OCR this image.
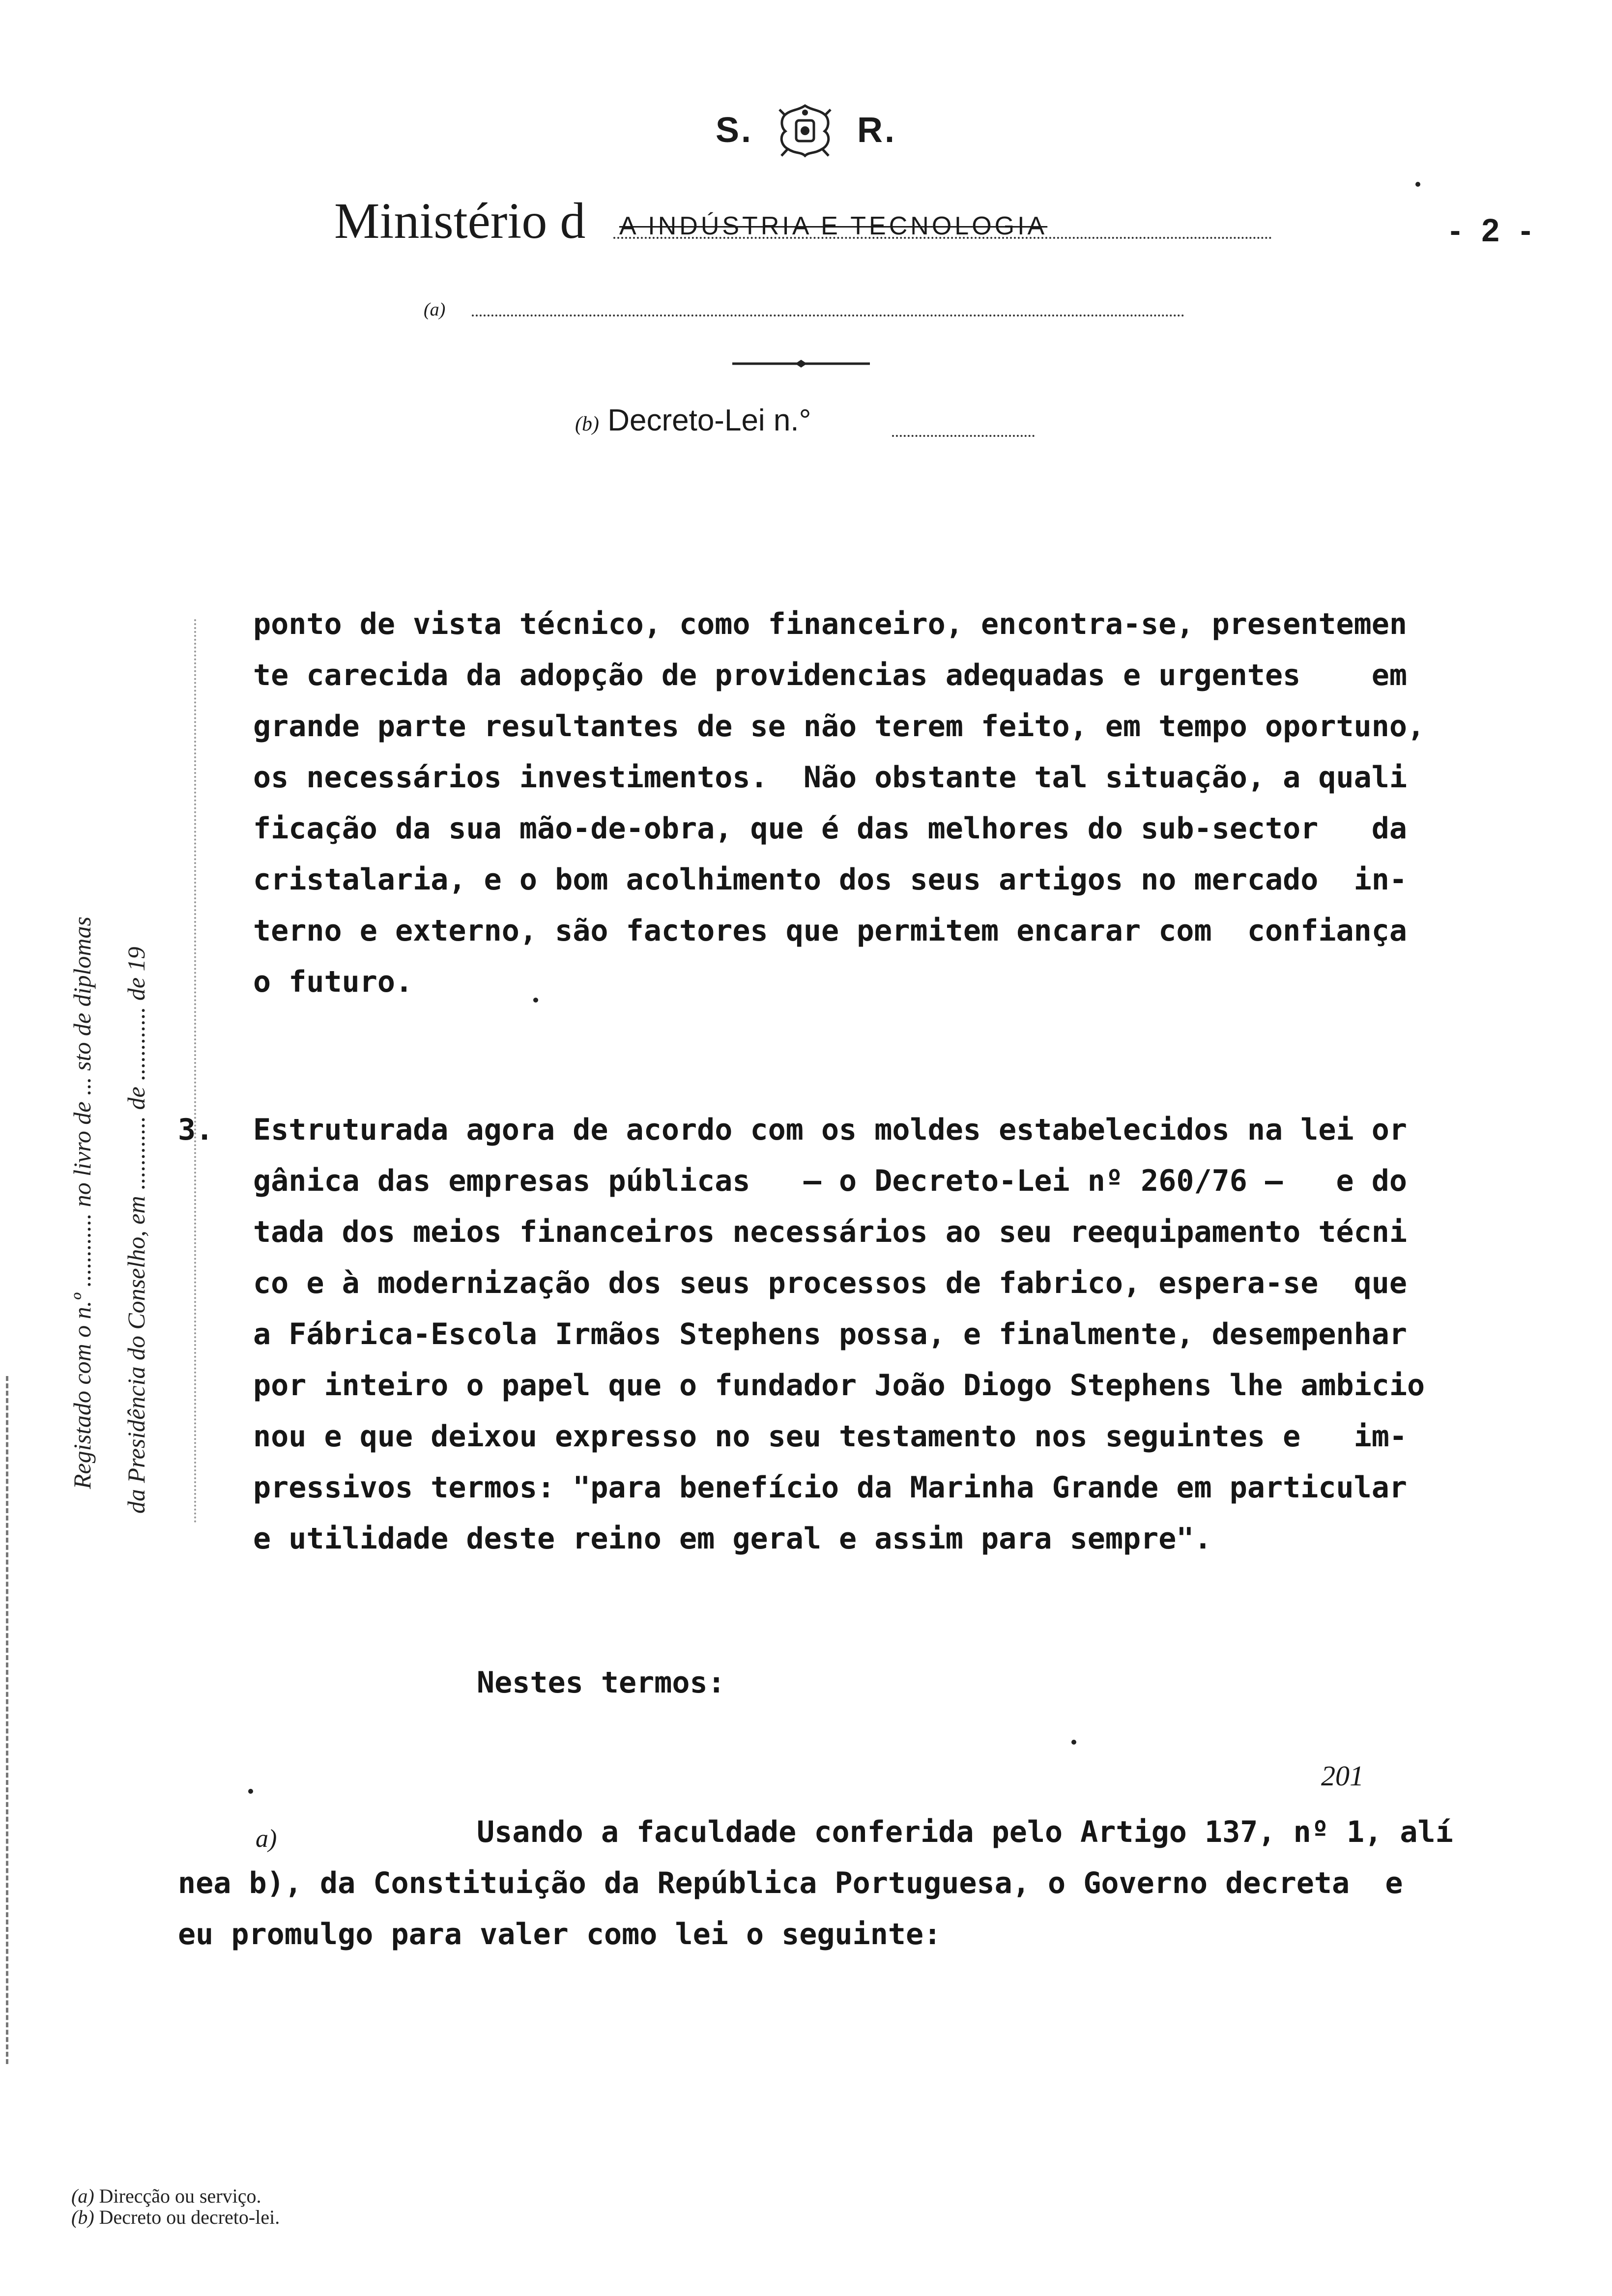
S.	R.
Ministério d A INDÚSTRIA E TECNOLOGIA	- 2 -
(a)
(b) Decreto-Lei n.°
Registado com o n.º ............ no livro de ... sto de diplomas da Presidência do Conselho, em ............ de ............ de 19
ponto de vista técnico, como financeiro, encontra-se, presentemen
te carecida da adopção de providencias adequadas e urgentes    em
grande parte resultantes de se não terem feito, em tempo oportuno,
os necessários investimentos.  Não obstante tal situação, a quali
ficação da sua mão-de-obra, que é das melhores do sub-sector   da
cristalaria, e o bom acolhimento dos seus artigos no mercado  in-
terno e externo, são factores que permitem encarar com  confiança
o futuro.
3. Estruturada agora de acordo com os moldes estabelecidos na lei or
gânica das empresas públicas   — o Decreto-Lei nº 260/76 —   e do
tada dos meios financeiros necessários ao seu reequipamento técni
co e à modernização dos seus processos de fabrico, espera-se  que
a Fábrica-Escola Irmãos Stephens possa, e finalmente, desempenhar
por inteiro o papel que o fundador João Diogo Stephens lhe ambicio
nou e que deixou expresso no seu testamento nos seguintes e   im-
pressivos termos: "para benefício da Marinha Grande em particular
e utilidade deste reino em geral e assim para sempre".
Nestes termos:
201
a)	Usando a faculdade conferida pelo Artigo 137, nº 1, alí
nea b), da Constituição da República Portuguesa, o Governo decreta  e
eu promulgo para valer como lei o seguinte:
(a) Direcção ou serviço.
(b) Decreto ou decreto-lei.
